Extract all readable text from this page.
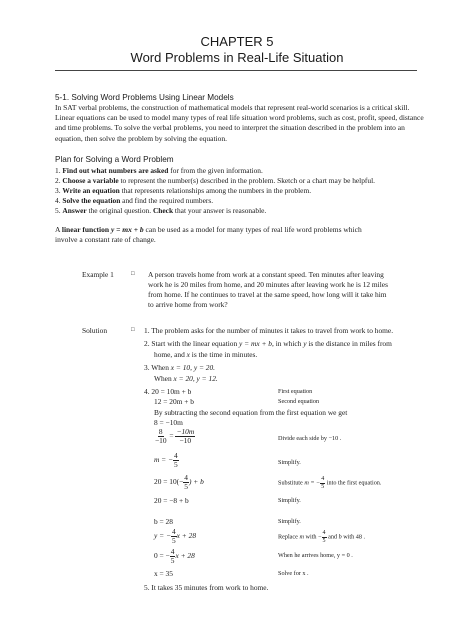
CHAPTER 5
Word Problems in Real-Life Situation
5-1. Solving Word Problems Using Linear Models
In SAT verbal problems, the construction of mathematical models that represent real-world scenarios is a critical skill. Linear equations can be used to model many types of real life situation word problems, such as cost, profit, speed, distance and time problems. To solve the verbal problems, you need to interpret the situation described in the problem into an equation, then solve the problem by solving the equation.
Plan for Solving a Word Problem
1. Find out what numbers are asked for from the given information.
2. Choose a variable to represent the number(s) described in the problem. Sketch or a chart may be helpful.
3. Write an equation that represents relationships among the numbers in the problem.
4. Solve the equation and find the required numbers.
5. Answer the original question. Check that your answer is reasonable.
A linear function y = mx + b can be used as a model for many types of real life word problems which
involve a constant rate of change.
Example 1	□ A person travels home from work at a constant speed. Ten minutes after leaving
work he is 20 miles from home, and 20 minutes after leaving work he is 12 miles
from home. If he continues to travel at the same speed, how long will it take him
to arrive home from work?
Solution	□ 1. The problem asks for the number of minutes it takes to travel from work to home.
2. Start with the linear equation y = mx + b, in which y is the distance in miles from
home, and x is the time in minutes.
3. When x = 10, y = 20.
When x = 20, y = 12.
4. 20 = 10m + b	First equation
12 = 20m + b	Second equation
By subtracting the second equation from the first equation we get
8 = −10m
$\frac{8}{-10} = \frac{-10m}{-10}$	Divide each side by −10 .
m = − $\frac{4}{5}$	Simplify.
$20 = 10(- \frac{4}{5}$ ) + b	Substitute m = − $\frac{4}{5}$ into the first equation.
20 = −8 + b	Simplify.
b = 28	Simplify.
y = − $\frac{4}{5}$ x + 28	Replace m with − $\frac{4}{5}$ and b with 48 .
0 = − $\frac{4}{5}$ x + 28	When he arrives home, y = 0 .
x = 35	Solve for x .
5. It takes 35 minutes from work to home.
